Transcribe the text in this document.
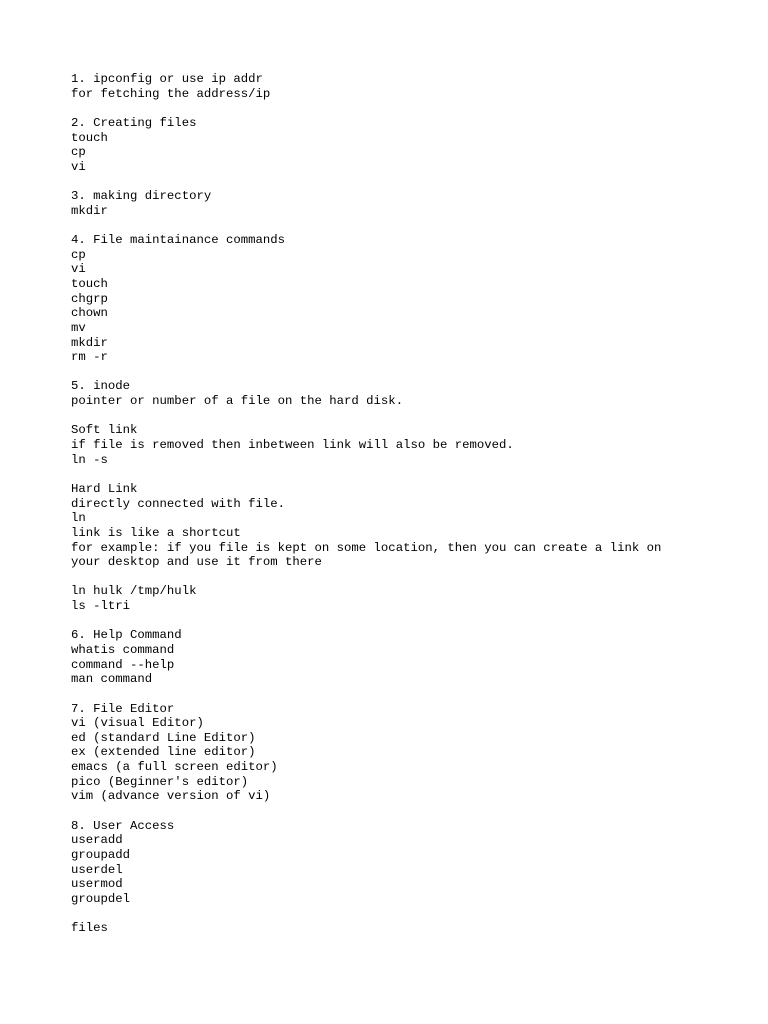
1. ipconfig or use ip addr
for fetching the address/ip
2. Creating files
touch
cp
vi
3. making directory
mkdir
4. File maintainance commands
cp
vi
touch
chgrp
chown
mv
mkdir
rm -r
5. inode
pointer or number of a file on the hard disk.
Soft link
if file is removed then inbetween link will also be removed.
ln -s
Hard Link
directly connected with file.
ln
link is like a shortcut
for example: if you file is kept on some location, then you can create a link on
your desktop and use it from there
ln hulk /tmp/hulk
ls -ltri
6. Help Command
whatis command
command --help
man command
7. File Editor
vi (visual Editor)
ed (standard Line Editor)
ex (extended line editor)
emacs (a full screen editor)
pico (Beginner's editor)
vim (advance version of vi)
8. User Access
useradd
groupadd
userdel
usermod
groupdel
files
